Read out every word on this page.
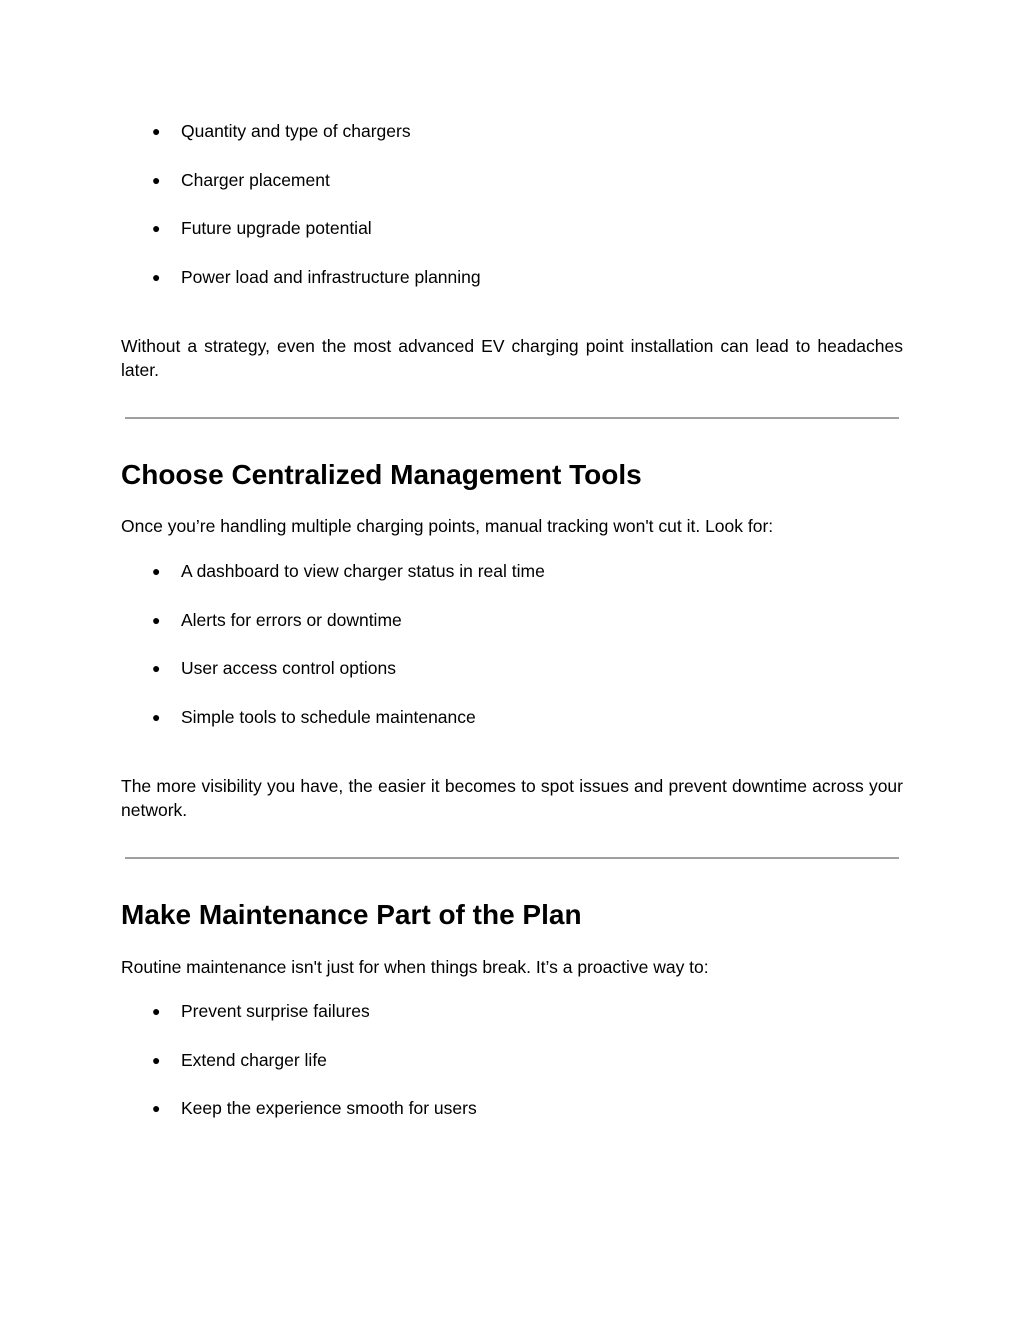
● Quantity and type of chargers
● Charger placement
● Future upgrade potential
● Power load and infrastructure planning

Without a strategy, even the most advanced EV charging point installation can lead to headaches later.

Choose Centralized Management Tools

Once you’re handling multiple charging points, manual tracking won't cut it. Look for:

● A dashboard to view charger status in real time
● Alerts for errors or downtime
● User access control options
● Simple tools to schedule maintenance

The more visibility you have, the easier it becomes to spot issues and prevent downtime across your network.

Make Maintenance Part of the Plan

Routine maintenance isn't just for when things break. It’s a proactive way to:

● Prevent surprise failures
● Extend charger life
● Keep the experience smooth for users
